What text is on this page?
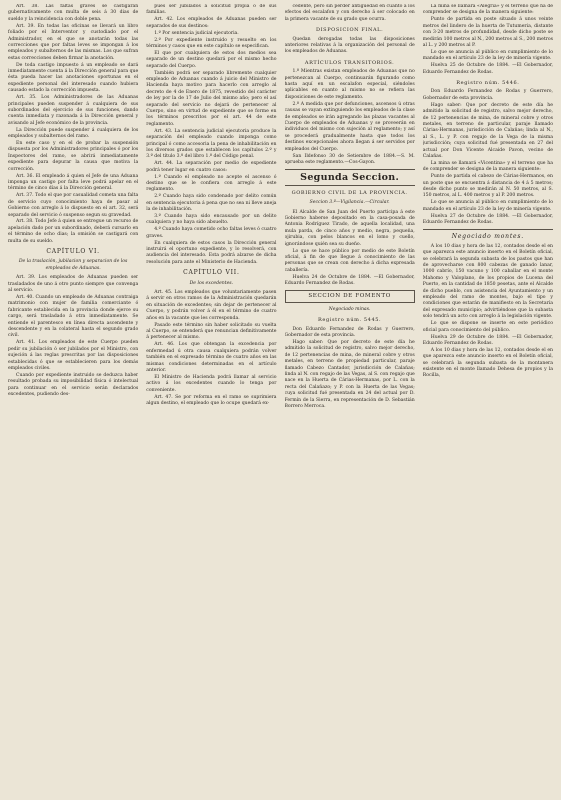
Art. 38. Las faltas graves se castigarán gubernativamente con multa de seis á 30 dias de sueldo y la reincidencia con doble pena.

Art. 39. En todas las oficinas se llevará un libro foliado por el Interventor y custodiado por el Administrador, en el que se anotarán todas las correcciones que por faltas leves se impongan á los empleados y subalternos de las mismas. Los que sufran estas correcciones deben firmar la anotación.

De toda castigo impuesto á un empleado se dará inmediatamente cuenta á la Dirección general para que ésta pueda hacer las anotaciones oportunas en el expediente personal del interesado cuando hubiera causado estado la corrección impuesta.

Art. 35. Los Administradores de las Aduanas principales pueden suspender á cualquiera de sus subordinados del ejercicio de sus funciones, dando cuenta inmediata y razonada á la Dirección general y avisando al Jefe económico de la provincia.

La Dirección puede suspender á cualquiera de los empleados y subalternos del ramo.

En este caso y en el de probar la suspensión dispuesta por los Administradores principales ó por los Inspectores del ramo, se abrirá inmediatamente expediente para depurar la causa que motiva la corrección.

Art. 36. El empleado á quien el Jefe de una Aduana imponga un castigo por falta leve podrá apelar en el término de cinco días á la Dirección general.

Art. 37. Todo el que por casualidad cometa una falta de servicio cuyo conocimiento haya de pasar al Gobierno con arreglo á lo dispuesto en el art. 32, será separado del servicio ó suspenso segun su gravedad.

Art. 38. Todo Jefe á quien se entregue un recurso de apelación dado por un subordinado, deberá cursarlo en el término de ocho dias; la omisión se castigará con multa de su sueldo.

CAPÍTULO VI.
De la traslación, jubilacion y separacion de los empleados de Aduanas.

Art. 39. Los empleados de Aduanas pueden ser trasladados de uno á otro punto siempre que convenga al servicio.

Art. 40. Cuando un empleado de Aduanas contraiga matrimonio con mujer de familia comerciante ó fabricante establecida en la provincia donde ejerce su cargo, será trasladado á otra inmediatamente. Se entiende el parentesco en línea directa ascendente y descendente y en la colateral hasta el segundo grado civil.

Art. 41. Los empleados de este Cuerpo pueden pedir su jubilación ó ser jubilados por el Ministro, con sujeción á las reglas prescritas por las disposiciones establecidas ó que se establecieren para los demás empleados civiles.

Cuando por expediente instruido se deduzca haber resultado probada su imposibilidad física ó intelectual para continuar en el servicio serán declarados excedentes, pudiendo des-

pues ser jubilados á solicitud propia ó de sus familias.

Art. 42. Los empleados de Aduanas pueden ser separados de sus destinos:

1.º Por sentencia judicial ejecutoria.

2.º Por expediente instruido y resuelto en los términos y casos que en este capítulo se especifican.

El que por cualquiera de estos dos medios sea separado de un destino quedará por el mismo hecho separado del Cuerpo.

También podrá ser separado libremente cualquier empleado de Aduanas cuando á juicio del Ministro de Hacienda haya motivo para hacerlo con arreglo al decreto de 4 de Enero de 1875, revestido del carácter de ley por la de 17 de Julio del mismo año; pero el así separado del servicio no dejará de pertenecer al Cuerpo, sino en virtud de expediente que se forme en los términos prescritos por el art. 44 de este reglamento.

Art. 43. La sentencia judicial ejecutoria produce la separación del empleado cuando imponga como principal ó como accesoria la pena de inhabilitación en los diversos grados que establecen los capítulos 2.º y 3.º del título 3.º del libro 1.º del Código penal.

Art. 44. La separación por medio de expediente podrá tener lugar en cuatro casos:

1.º Cuando el empleado no acepte el ascenso ó destino que se le confiera con arreglo á este reglamento.

2.º Cuando haya sido condenado por delito común en sentencia ejecutoria á pena que no sea ni lleve aneja la de inhabilitación.

3.º Cuando haya sido encausado por un delito cualquiera y no haya sido absuelto.

4.º Cuando haya cometido ocho faltas leves ó cuatro graves.

En cualquiera de estos casos la Dirección general instruirá el oportuno expediente, y lo resolverá, con audiencia del interesado. Esta podrá alzarse de dicha resolución para ante el Ministerio de Hacienda.

CAPÍTULO VII.
De los excedentes.

Art. 45. Los empleados que voluntariamente pasen á servir en otros ramos de la Administración quedarán en situación de excedentes; sin dejar de pertenecer al Cuerpo, y podrán volver á él en el término de cuatro años en la vacante que les corresponda.

Pasado este término sin haber solicitado su vuelta al Cuerpo, se entenderá que renuncian definitivamente á pertenecer al mismo.

Art. 46. Los que obtengan la excedencia por enfermedad ú otra causa cualquiera podrán volver también en el expresado término de cuatro años en las mismas condiciones determinadas en el artículo anterior.

El Ministro de Hacienda podrá llamar al servicio activo á los excedentes cuando lo tenga por conveniente.

Art. 47. Se por reforma en el ramo se suprimiera algun destino, el empleado que lo ocupe quedará ex-

cedente, pero sin perder antigüedad en cuanto á los efectos del escalafon y con derecho á ser colocado en la primera vacante de su grado que ocurra.

DISPOSICION FINAL.

Quedan derogadas todas las disposiciones anteriores relativas á la organización del personal de los empleados de Aduanas.

ARTÍCULOS TRANSITORIOS.

1.º Mientras existan empleados de Aduanas que no pertenezcan al Cuerpo, continuarán figurando como hasta aquí en un escalafon especial, siéndoles aplicables en cuanto al mismo no se refiera las disposiciones de este reglamento.

2.º A medida que por defunciones, ascensos ú otras causas se vayan extinguiendo los empleados de la clase de empleados se irán agregando las plazas vacantes al Cuerpo de empleados de Aduanas y se proveerán en individuos del mismo con sujeción al reglamento; y así se procederá gradualmente hasta que todos los destinos excepcionales ahora llegan á ser servidos por empleados del Cuerpo.

San Ildefonso 30 de Setiembre de 1884.—S. M. aprueba este reglamento.—Cos-Gayon.

Segunda Seccion.
GOBIERNO CIVIL DE LA PROVINCIA.
Seccion 3.ª—Vigilancia.—Circular.

El Alcalde de San Juan del Puerto participa á este Gobierno haberse depositado en la casa-posada de Antonia Rodríguez Tirado, de aquella localidad, una mula parda, de cinco años y medio, negra, pequeña, ojirubia, con pelos blancos en el lomo y cuello, ignorándose quién sea su dueño.

Lo que se hace público por medio de este Boletín oficial, á fin de que llegue á conocimiento de las personas que se crean con derecho á dicha expresada caballería.

Huelva 24 de Octubre de 1884. —El Gobernador, Eduardo Fernandez de Rodas.

SECCION DE FOMENTO
Negociado minas.
Registro núm. 5445.

Don Eduardo Fernandez de Rodas y Guerrero, Gobernador de esta provincia.

Hago saber: Que por decreto de este día he admitido la solicitud de registro, salvo mejor derecho, de 12 pertenencias de mina, de mineral cobre y otros metales, en terreno de propiedad particular, paraje llamado Cabezo Cantador, jurisdicción de Calañas; linda al N. con regajo de las Vegas, al S. con regajo que nace en la Huerta de Cárias-Hermanas, por L. con la recta del Calañazo; y P. con la Huerta de las Vegas; cuya solicitud fué presentada en 24 del actual por D. Fermín de la Sierra, en representación de D. Sebastián Borrero Merroca.

La mina se llamará «Alegría» y el terreno que ha de comprender se designa de la manera siguiente:

Punto de partida en poste situado á unos veinte metros del lindero de la huerta de Tutumeria, distante con 3·20 metros de profundidad, desde dicho poste se medirán 100 metros al N., 200 metros al S., 200 metros al L. y 200 metros al P.

Lo que se anuncia al público en cumplimiento de lo mandado en el artículo 23 de la ley de minería vigente.

Huelva 25 de Octubre de 1884. —El Gobernador, Eduardo Fernandez de Rodas.

Registro núm. 5446.

Don Eduardo Fernandez de Rodas y Guerrero, Gobernador de esta provincia.

Hago saber: Que por decreto de este día he admitido la solicitud de registro, salvo mejor derecho, de 12 pertenencias de mina, de mineral cobre y otros metales, en terreno de particular, paraje llamado Cárias-Hermanas, jurisdicción de Calañas; linda al N., al S., L. y P. con regajo de la Vega de la misma jurisdicción; cuya solicitud fué presentada en 27 del actual por Don Vicente Alcaide Pavon, vecino de Calañas.

La mina se llamará «Vicentina» y el terreno que ha de comprender se designa de la manera siguiente:

Punto de partida el cabezo de Cárias-Hermanos, en un poste que se encuentra á distancia de 4 á 5 metros; desde dicho punto se medirán al N. 50 metros, al S. 150 metros, al L. 400 metros y al P. 200 metros.

Lo que se anuncia al público en cumplimiento de lo mandado en el artículo 23 de la ley de minería vigente.

Huelva 27 de Octubre de 1884. —El Gobernador, Eduardo Fernandez de Rodas.

Negociado montes.

A los 10 dias y hora de las 12, contados desde el en que aparezca este anuncio inserto en el Boletín oficial, se celebrará la segunda subasta de los pastos que han de aprovecharse con 800 cabezas de ganado lanar, 1000 cabrío, 150 vacuno y 100 caballar en el monte Mahomo y Valoplano, de los propios de Lucena del Puerto, en la cantidad de 1850 pesetas, ante el Alcalde de dicho pueblo, con asistencia del Ayuntamiento y un empleado del ramo de montes, bajo el tipo y condiciones que estarán de manifiesto en la Secretaría del expresado municipio; advirtiéndose que la subasta solo tendrá un acto con arreglo á la legislación vigente.

Lo que se dispone se inserte en este periódico oficial para conocimiento del público.

Huelva 29 de Octubre de 1884. —El Gobernador, Eduardo Fernandez de Rodas.

A los 10 dias y hora de las 12, contados desde el en que aparezca este anuncio inserto en el Boletín oficial, se celebrará la segunda subasta de la montanera existente en el monte llamado Dehesa de propios y la Rocilla,
